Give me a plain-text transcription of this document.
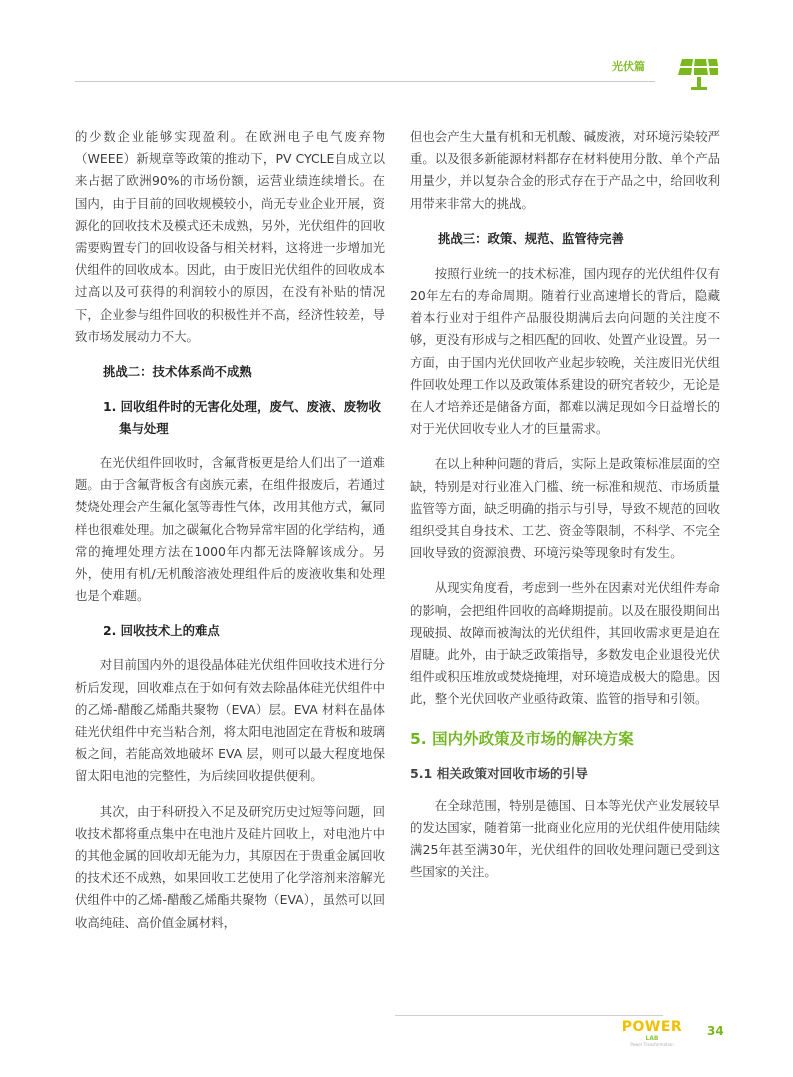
光伏篇

的少数企业能够实现盈利。在欧洲电子电气废弃物（WEEE）新规章等政策的推动下，PV CYCLE自成立以来占据了欧洲90%的市场份额，运营业绩连续增长。在国内，由于目前的回收规模较小，尚无专业企业开展，资源化的回收技术及模式还未成熟，另外，光伏组件的回收需要购置专门的回收设备与相关材料，这将进一步增加光伏组件的回收成本。因此，由于废旧光伏组件的回收成本过高以及可获得的利润较小的原因，在没有补贴的情况下，企业参与组件回收的积极性并不高，经济性较差，导致市场发展动力不大。

挑战二：技术体系尚不成熟
1. 回收组件时的无害化处理，废气、废液、废物收集与处理

在光伏组件回收时，含氟背板更是给人们出了一道难题。由于含氟背板含有卤族元素，在组件报废后，若通过焚烧处理会产生氟化氢等毒性气体，改用其他方式，氟同样也很难处理。加之碳氟化合物异常牢固的化学结构，通常的掩埋处理方法在1000年内都无法降解该成分。另外，使用有机/无机酸溶液处理组件后的废液收集和处理也是个难题。

2. 回收技术上的难点

对目前国内外的退役晶体硅光伏组件回收技术进行分析后发现，回收难点在于如何有效去除晶体硅光伏组件中的乙烯-醋酸乙烯酯共聚物（EVA）层。EVA 材料在晶体硅光伏组件中充当粘合剂，将太阳电池固定在背板和玻璃板之间，若能高效地破坏 EVA 层，则可以最大程度地保留太阳电池的完整性，为后续回收提供便利。

其次，由于科研投入不足及研究历史过短等问题，回收技术都将重点集中在电池片及硅片回收上，对电池片中的其他金属的回收却无能为力，其原因在于贵重金属回收的技术还不成熟，如果回收工艺使用了化学溶剂来溶解光伏组件中的乙烯-醋酸乙烯酯共聚物（EVA），虽然可以回收高纯硅、高价值金属材料，

但也会产生大量有机和无机酸、碱废液，对环境污染较严重。以及很多新能源材料都存在材料使用分散、单个产品用量少，并以复杂合金的形式存在于产品之中，给回收利用带来非常大的挑战。

挑战三：政策、规范、监管待完善

按照行业统一的技术标准，国内现存的光伏组件仅有20年左右的寿命周期。随着行业高速增长的背后，隐藏着本行业对于组件产品服役期满后去向问题的关注度不够，更没有形成与之相匹配的回收、处置产业设置。另一方面，由于国内光伏回收产业起步较晚，关注废旧光伏组件回收处理工作以及政策体系建设的研究者较少，无论是在人才培养还是储备方面，都难以满足现如今日益增长的对于光伏回收专业人才的巨量需求。

在以上种种问题的背后，实际上是政策标准层面的空缺，特别是对行业准入门槛、统一标准和规范、市场质量监管等方面，缺乏明确的指示与引导，导致不规范的回收组织受其自身技术、工艺、资金等限制，不科学、不完全回收导致的资源浪费、环境污染等现象时有发生。

从现实角度看，考虑到一些外在因素对光伏组件寿命的影响，会把组件回收的高峰期提前。以及在服役期间出现破损、故障而被淘汰的光伏组件，其回收需求更是迫在眉睫。此外，由于缺乏政策指导，多数发电企业退役光伏组件或积压堆放或焚烧掩埋，对环境造成极大的隐患。因此，整个光伏回收产业亟待政策、监管的指导和引领。

5. 国内外政策及市场的解决方案
5.1 相关政策对回收市场的引导

在全球范围，特别是德国、日本等光伏产业发展较早的发达国家，随着第一批商业化应用的光伏组件使用陆续满25年甚至满30年，光伏组件的回收处理问题已受到这些国家的关注。

POWER
LAB
Power Transformation
34
